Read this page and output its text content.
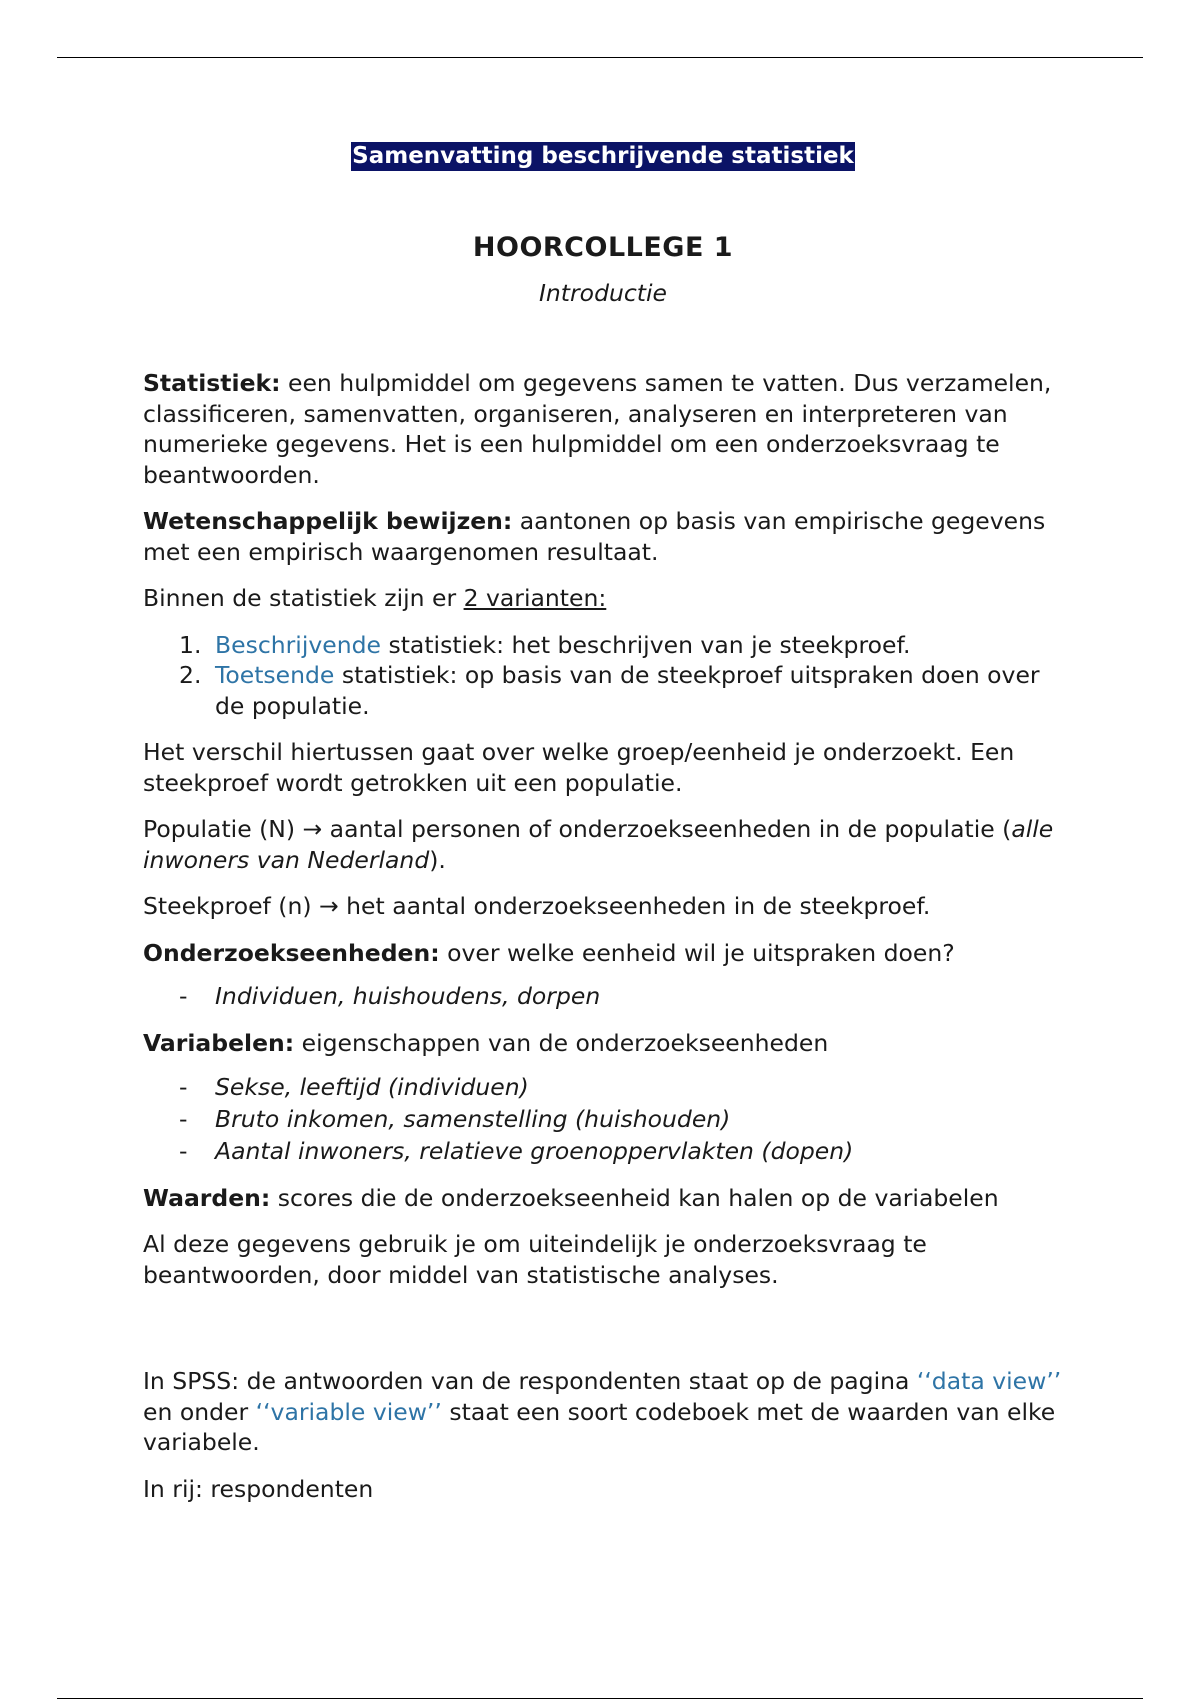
Samenvatting beschrijvende statistiek
HOORCOLLEGE 1
Introductie

Statistiek: een hulpmiddel om gegevens samen te vatten. Dus verzamelen, classificeren, samenvatten, organiseren, analyseren en interpreteren van numerieke gegevens. Het is een hulpmiddel om een onderzoeksvraag te beantwoorden.

Wetenschappelijk bewijzen: aantonen op basis van empirische gegevens met een empirisch waargenomen resultaat.

Binnen de statistiek zijn er 2 varianten:

1. Beschrijvende statistiek: het beschrijven van je steekproef.
2. Toetsende statistiek: op basis van de steekproef uitspraken doen over de populatie.

Het verschil hiertussen gaat over welke groep/eenheid je onderzoekt. Een steekproef wordt getrokken uit een populatie.

Populatie (N) → aantal personen of onderzoekseenheden in de populatie (alle inwoners van Nederland).

Steekproef (n) → het aantal onderzoekseenheden in de steekproef.

Onderzoekseenheden: over welke eenheid wil je uitspraken doen?

- Individuen, huishoudens, dorpen

Variabelen: eigenschappen van de onderzoekseenheden

- Sekse, leeftijd (individuen)
- Bruto inkomen, samenstelling (huishouden)
- Aantal inwoners, relatieve groenoppervlakten (dopen)

Waarden: scores die de onderzoekseenheid kan halen op de variabelen

Al deze gegevens gebruik je om uiteindelijk je onderzoeksvraag te beantwoorden, door middel van statistische analyses.

In SPSS: de antwoorden van de respondenten staat op de pagina ‘‘data view’’ en onder ‘‘variable view’’ staat een soort codeboek met de waarden van elke variabele.

In rij: respondenten
